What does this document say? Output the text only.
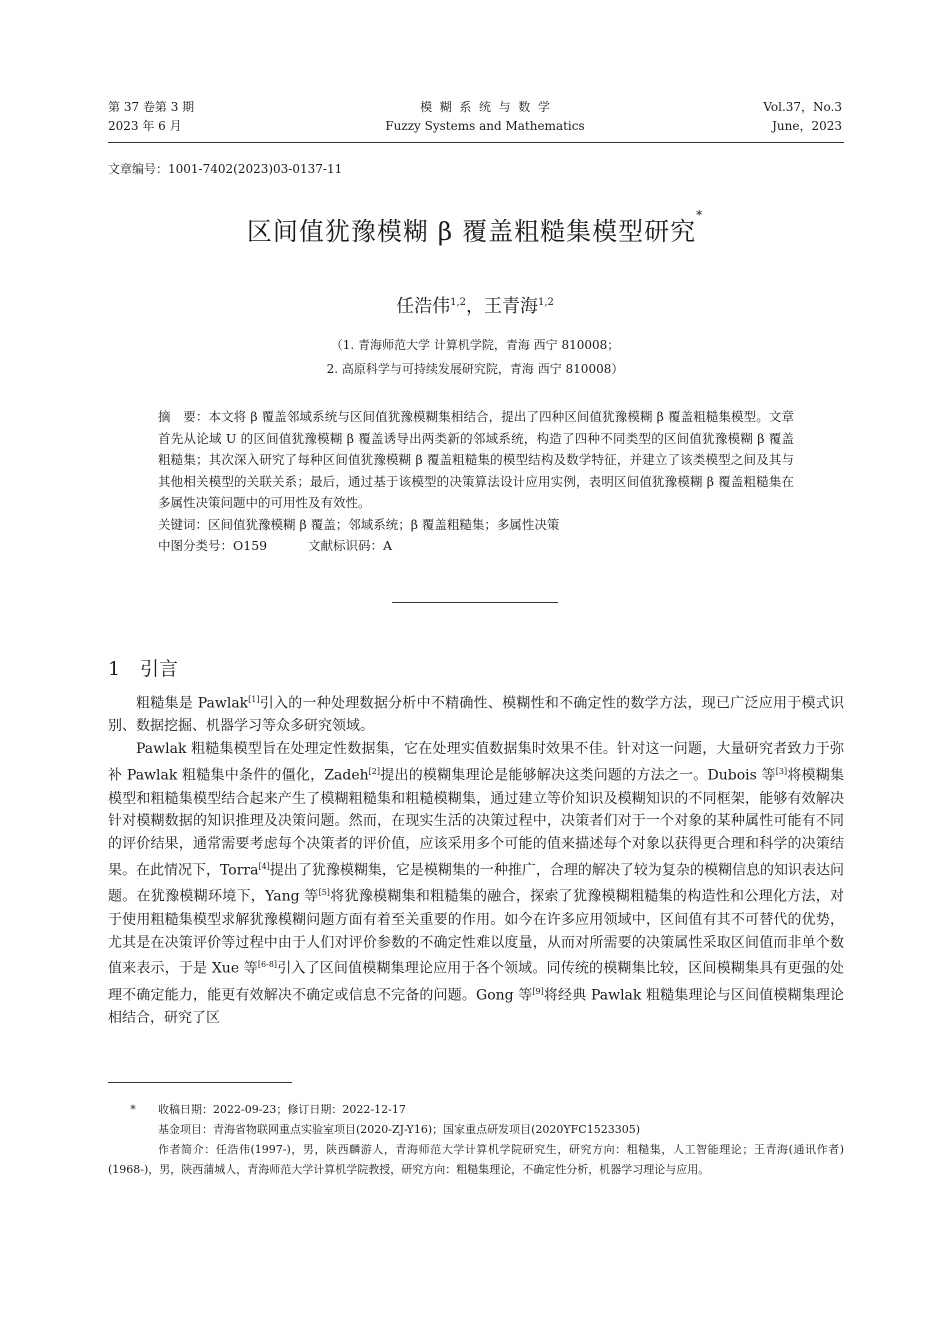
第 37 卷第 3 期
2023 年 6 月
模  糊  系  统  与  数  学
Fuzzy Systems and Mathematics
Vol.37，No.3
June，2023
文章编号：1001-7402(2023)03-0137-11
区间值犹豫模糊 β 覆盖粗糙集模型研究*
任浩伟$^{1,2}$，王青海$^{1,2}$
（1. 青海师范大学 计算机学院，青海 西宁 810008；
2. 高原科学与可持续发展研究院，青海 西宁 810008）

摘　要：本文将 β 覆盖邻域系统与区间值犹豫模糊集相结合，提出了四种区间值犹豫模糊 β 覆盖粗糙集模型。文章首先从论域 U 的区间值犹豫模糊 β 覆盖诱导出两类新的邻域系统，构造了四种不同类型的区间值犹豫模糊 β 覆盖粗糙集；其次深入研究了每种区间值犹豫模糊 β 覆盖粗糙集的模型结构及数学特征，并建立了该类模型之间及其与其他相关模型的关联关系；最后，通过基于该模型的决策算法设计应用实例，表明区间值犹豫模糊 β 覆盖粗糙集在多属性决策问题中的可用性及有效性。

关键词：区间值犹豫模糊 β 覆盖；邻域系统；β 覆盖粗糙集；多属性决策

中图分类号：O159	文献标识码：A

1 引言

粗糙集是 Pawlak[1]引入的一种处理数据分析中不精确性、模糊性和不确定性的数学方法，现已广泛应用于模式识别、数据挖掘、机器学习等众多研究领域。

Pawlak 粗糙集模型旨在处理定性数据集，它在处理实值数据集时效果不佳。针对这一问题，大量研究者致力于弥补 Pawlak 粗糙集中条件的僵化，Zadeh[2]提出的模糊集理论是能够解决这类问题的方法之一。Dubois 等[3]将模糊集模型和粗糙集模型结合起来产生了模糊粗糙集和粗糙模糊集，通过建立等价知识及模糊知识的不同框架，能够有效解决针对模糊数据的知识推理及决策问题。然而，在现实生活的决策过程中，决策者们对于一个对象的某种属性可能有不同的评价结果，通常需要考虑每个决策者的评价值，应该采用多个可能的值来描述每个对象以获得更合理和科学的决策结果。在此情况下，Torra[4]提出了犹豫模糊集，它是模糊集的一种推广，合理的解决了较为复杂的模糊信息的知识表达问题。在犹豫模糊环境下，Yang 等[5]将犹豫模糊集和粗糙集的融合，探索了犹豫模糊粗糙集的构造性和公理化方法，对于使用粗糙集模型求解犹豫模糊问题方面有着至关重要的作用。如今在许多应用领域中，区间值有其不可替代的优势，尤其是在决策评价等过程中由于人们对评价参数的不确定性难以度量，从而对所需要的决策属性采取区间值而非单个数值来表示，于是 Xue 等[6-8]引入了区间值模糊集理论应用于各个领域。同传统的模糊集比较，区间模糊集具有更强的处理不确定能力，能更有效解决不确定或信息不完备的问题。Gong 等[9]将经典 Pawlak 粗糙集理论与区间值模糊集理论相结合，研究了区

* 收稿日期：2022-09-23；修订日期：2022-12-17

基金项目：青海省物联网重点实验室项目(2020-ZJ-Y16)；国家重点研发项目(2020YFC1523305)

作者简介：任浩伟(1997-)，男，陕西麟游人，青海师范大学计算机学院研究生，研究方向：粗糙集，人工智能理论；王青海(通讯作者)(1968-)，男，陕西蒲城人，青海师范大学计算机学院教授，研究方向：粗糙集理论，不确定性分析，机器学习理论与应用。
